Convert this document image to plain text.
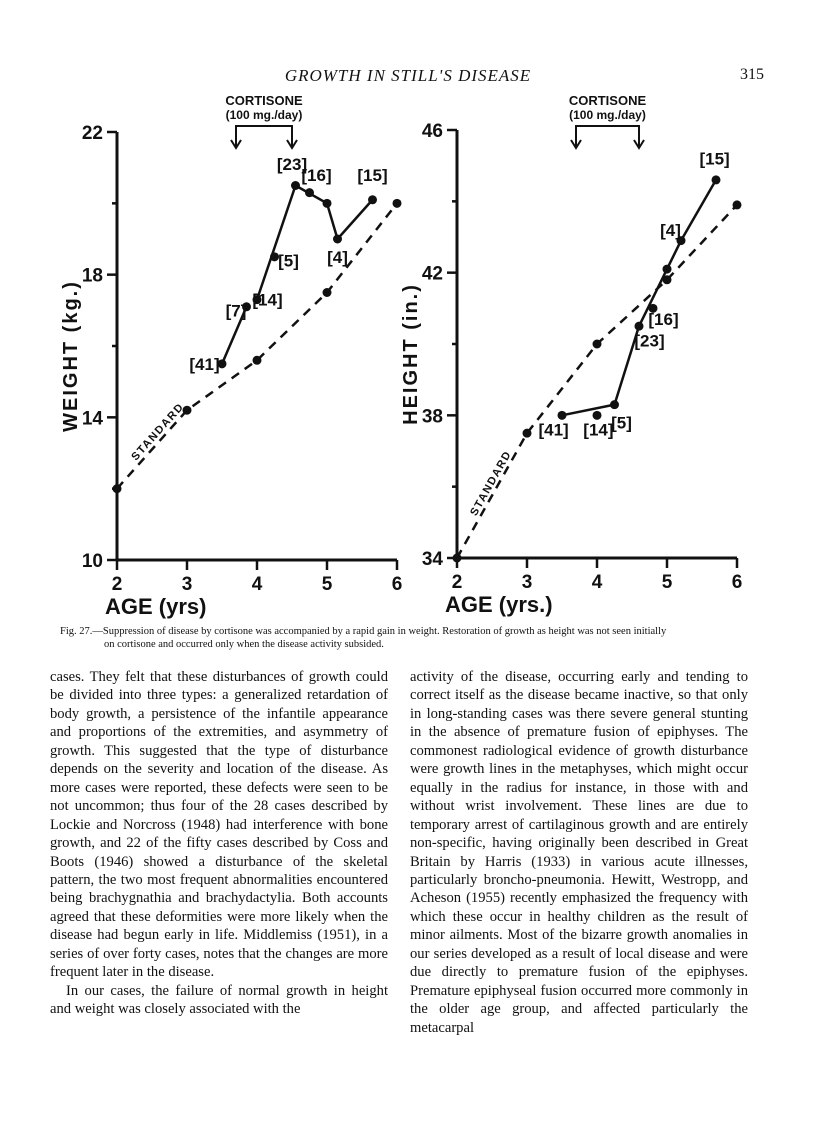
GROWTH IN STILL'S DISEASE	315
10
14
18
22
2	3	4	5	6
AGE (yrs)
WEIGHT (kg.)
CORTISONE
(100 mg./day)
STANDARD
[41]
[7]
[14]
[5]
[23]
[16]
[4]
[15]
34
38
42
46
2	3	4	5	6
AGE (yrs.)
HEIGHT (in.)
CORTISONE
(100 mg./day)
STANDARD
[41] [14]
[5]
[23]
[16]
[4]
[15]
Fig. 27.—Suppression of disease by cortisone was accompanied by a rapid gain in weight. Restoration of growth as height was not seen initially
on cortisone and occurred only when the disease activity subsided.

cases. They felt that these disturbances of growth could be divided into three types: a generalized retardation of body growth, a persistence of the infantile appearance and proportions of the extremities, and asymmetry of growth. This suggested that the type of disturbance depends on the severity and location of the disease. As more cases were reported, these defects were seen to be not uncommon; thus four of the 28 cases described by Lockie and Norcross (1948) had interference with bone growth, and 22 of the fifty cases described by Coss and Boots (1946) showed a disturbance of the skeletal pattern, the two most frequent abnormalities encountered being brachygnathia and brachydactylia. Both accounts agreed that these deformities were more likely when the disease had begun early in life. Middlemiss (1951), in a series of over forty cases, notes that the changes are more frequent later in the disease.

In our cases, the failure of normal growth in height and weight was closely associated with the

activity of the disease, occurring early and tending to correct itself as the disease became inactive, so that only in long-standing cases was there severe general stunting in the absence of premature fusion of epiphyses. The commonest radiological evidence of growth disturbance were growth lines in the metaphyses, which might occur equally in the radius for instance, in those with and without wrist involvement. These lines are due to temporary arrest of cartilaginous growth and are entirely non-specific, having originally been described in Great Britain by Harris (1933) in various acute illnesses, particularly broncho-pneumonia. Hewitt, Westropp, and Acheson (1955) recently emphasized the frequency with which these occur in healthy children as the result of minor ailments. Most of the bizarre growth anomalies in our series developed as a result of local disease and were due directly to premature fusion of the epiphyses. Premature epiphyseal fusion occurred more commonly in the older age group, and affected particularly the metacarpal
